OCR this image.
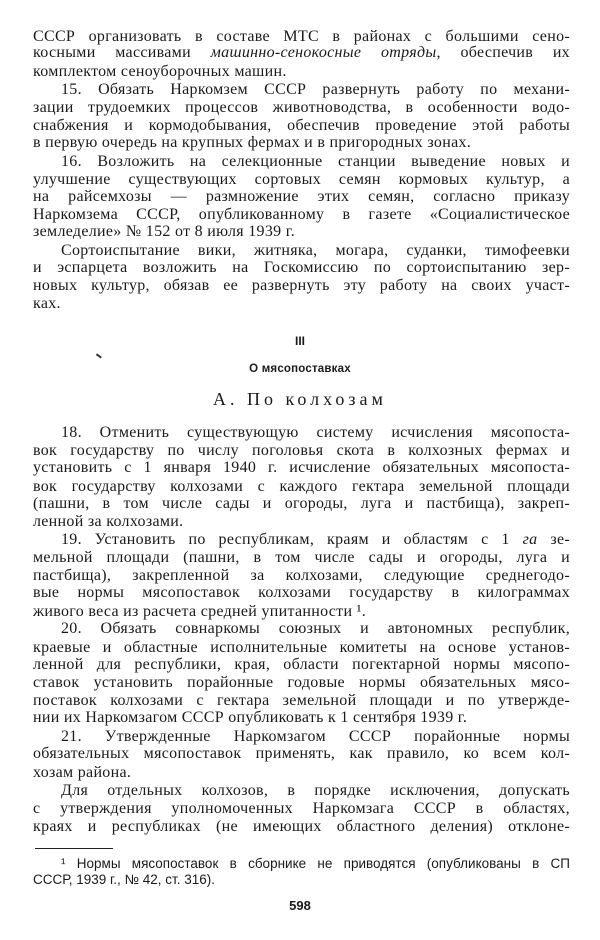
СССР организовать в составе МТС в районах с большими сено-
косными массивами машинно-сенокосные отряды, обеспечив их
комплектом сеноуборочных машин.
15. Обязать Наркомзем СССР развернуть работу по механи-
зации трудоемких процессов животноводства, в особенности водо-
снабжения и кормодобывания, обеспечив проведение этой работы
в первую очередь на крупных фермах и в пригородных зонах.
16. Возложить на селекционные станции выведение новых и
улучшение существующих сортовых семян кормовых культур, а
на райсемхозы — размножение этих семян, согласно приказу
Наркомзема СССР, опубликованному в газете «Социалистическое
земледелие» № 152 от 8 июля 1939 г.
Сортоиспытание вики, житняка, могара, суданки, тимофеевки
и эспарцета возложить на Госкомиссию по сортоиспытанию зер-
новых культур, обязав ее развернуть эту работу на своих участ-
ках.
18. Отменить существующую систему исчисления мясопоста-
вок государству по числу поголовья скота в колхозных фермах и
установить с 1 января 1940 г. исчисление обязательных мясопоста-
вок государству колхозами с каждого гектара земельной площади
(пашни, в том числе сады и огороды, луга и пастбища), закреп-
ленной за колхозами.
19. Установить по республикам, краям и областям с 1 га зе-
мельной площади (пашни, в том числе сады и огороды, луга и
пастбища), закрепленной за колхозами, следующие среднегодо-
вые нормы мясопоставок колхозами государству в килограммах
живого веса из расчета средней упитанности ¹.
20. Обязать совнаркомы союзных и автономных республик,
краевые и областные исполнительные комитеты на основе установ-
ленной для республики, края, области погектарной нормы мясопо-
ставок установить порайонные годовые нормы обязательных мясо-
поставок колхозами с гектара земельной площади и по утвержде-
нии их Наркомзагом СССР опубликовать к 1 сентября 1939 г.
21. Утвержденные Наркомзагом СССР порайонные нормы
обязательных мясопоставок применять, как правило, ко всем кол-
хозам района.
Для отдельных колхозов, в порядке исключения, допускать
с утверждения уполномоченных Наркомзага СССР в областях,
краях и республиках (не имеющих областного деления) отклоне-
III
О мясопоставках
А. По колхозам
¹ Нормы мясопоставок в сборнике не приводятся (опубликованы в СП
СССР, 1939 г., № 42, ст. 316).
598
